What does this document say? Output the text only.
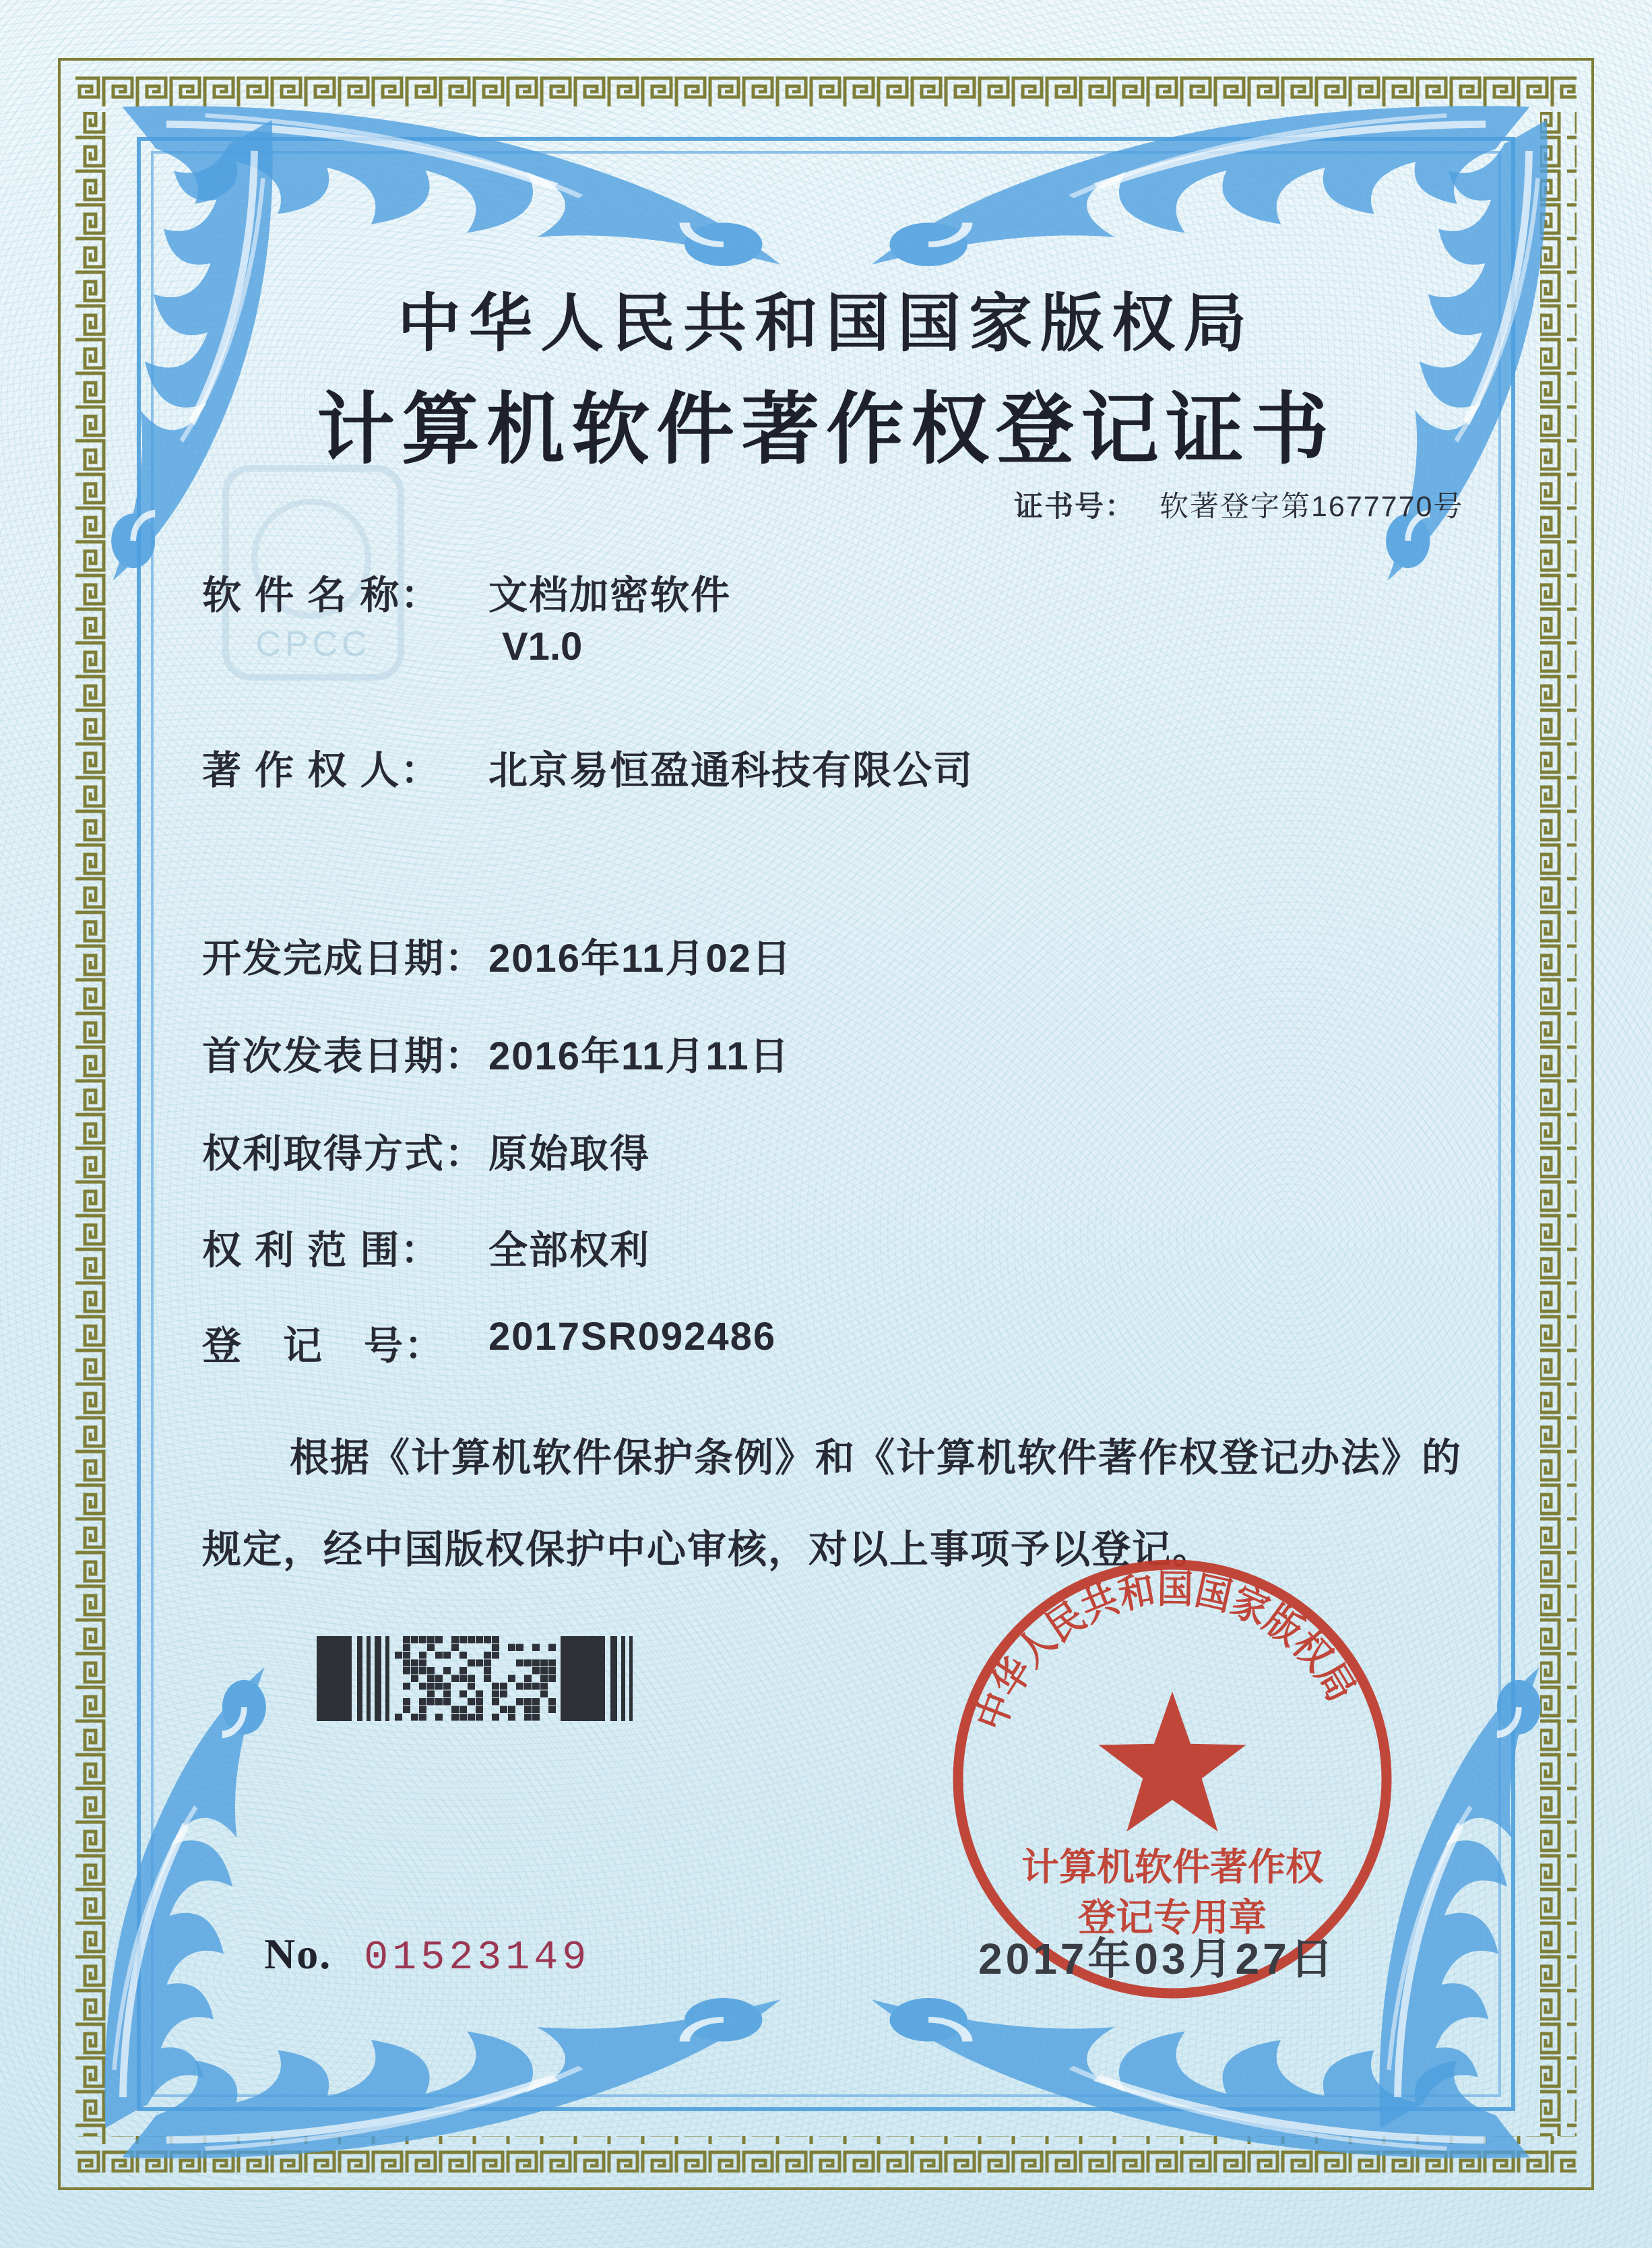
CPCC
中华人民共和国国家版权局
计算机软件著作权登记证书
证书号： 软著登字第1677770号
软 件 名 称： 文档加密软件
V1.0
著 作 权 人： 北京易恒盈通科技有限公司
开发完成日期： 2016年11月02日
首次发表日期： 2016年11月11日
权利取得方式： 原始取得
权 利 范 围： 全部权利
登　记　号： 2017SR092486
根据《计算机软件保护条例》和《计算机软件著作权登记办法》的
规定，经中国版权保护中心审核，对以上事项予以登记。
中华人民共和国国家版权局
计算机软件著作权
登记专用章
2017年03月27日
No. 01523149
